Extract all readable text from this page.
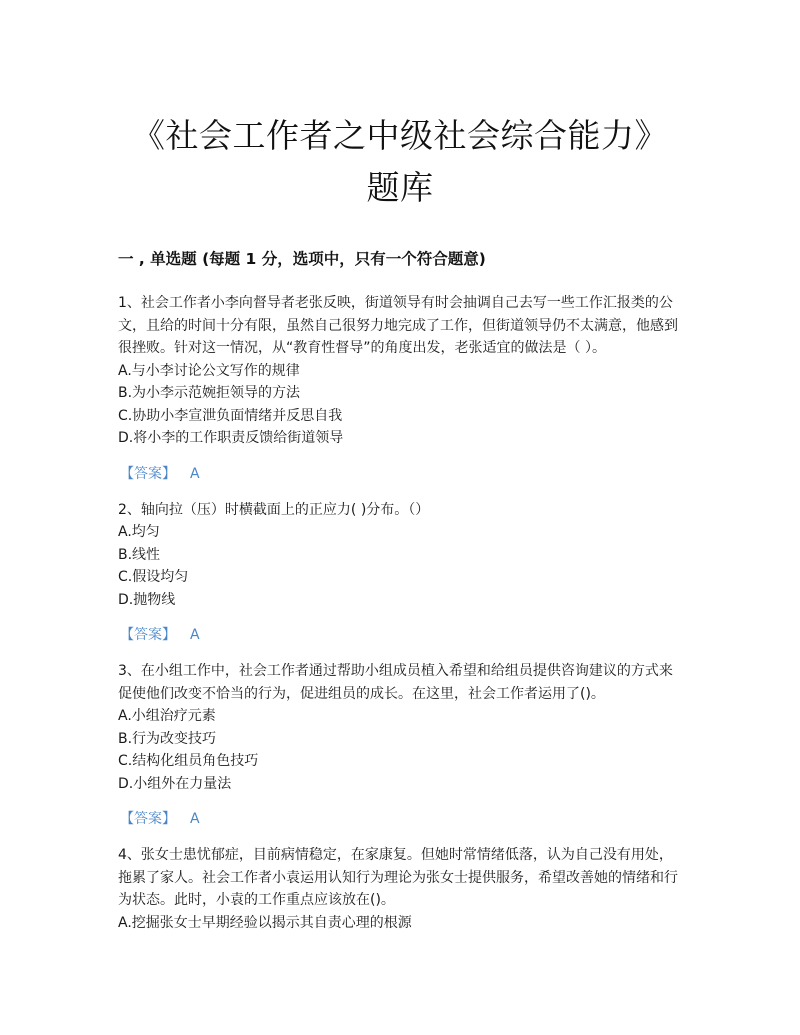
《社会工作者之中级社会综合能力》
题库
一 , 单选题 (每题 1 分，选项中，只有一个符合题意)

1、社会工作者小李向督导者老张反映，街道领导有时会抽调自己去写一些工作汇报类的公文，且给的时间十分有限，虽然自己很努力地完成了工作，但街道领导仍不太满意，他感到很挫败。针对这一情况，从“教育性督导”的角度出发，老张适宜的做法是（ ）。

A.与小李讨论公文写作的规律

B.为小李示范婉拒领导的方法

C.协助小李宣泄负面情绪并反思自我

D.将小李的工作职责反馈给街道领导

【答案】 A

2、轴向拉（压）时横截面上的正应力( )分布。（）

A.均匀

B.线性

C.假设均匀

D.抛物线

【答案】 A

3、在小组工作中，社会工作者通过帮助小组成员植入希望和给组员提供咨询建议的方式来促使他们改变不恰当的行为，促进组员的成长。在这里，社会工作者运用了()。

A.小组治疗元素

B.行为改变技巧

C.结构化组员角色技巧

D.小组外在力量法

【答案】 A

4、张女士患忧郁症，目前病情稳定，在家康复。但她时常情绪低落，认为自己没有用处，拖累了家人。社会工作者小袁运用认知行为理论为张女士提供服务，希望改善她的情绪和行为状态。此时，小袁的工作重点应该放在()。

A.挖掘张女士早期经验以揭示其自责心理的根源
